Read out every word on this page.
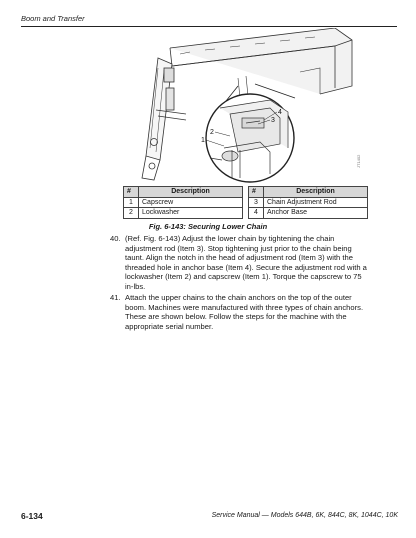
Boom and Transfer
4
3
2
1
JT1402
#	Description
1	Capscrew
2	Lockwasher
#	Description
3	Chain Adjustment Rod
4	Anchor Base
Fig. 6-143: Securing Lower Chain
40. (Ref. Fig. 6-143) Adjust the lower chain by tightening the chain adjustment rod (Item 3). Stop tightening just prior to the chain being taunt. Align the notch in the head of adjustment rod (Item 3) with the threaded hole in anchor base (Item 4). Secure the adjustment rod with a lockwasher (Item 2) and capscrew (Item 1). Torque the capscrew to 75 in-lbs.
41. Attach the upper chains to the chain anchors on the top of the outer boom. Machines were manufactured with three types of chain anchors. These are shown below. Follow the steps for the machine with the appropriate serial number.
6-134	Service Manual — Models 644B, 6K, 844C, 8K, 1044C, 10K
